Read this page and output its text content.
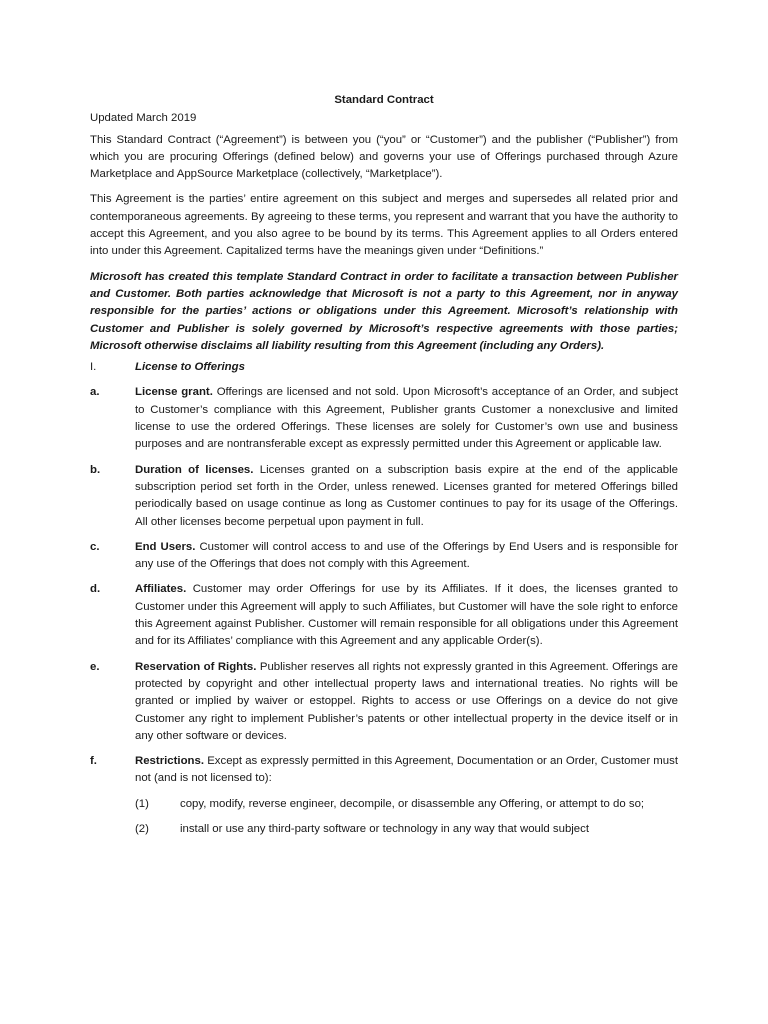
Standard Contract
Updated March 2019

This Standard Contract (“Agreement”) is between you (“you” or “Customer”) and the publisher (“Publisher”) from which you are procuring Offerings (defined below) and governs your use of Offerings purchased through Azure Marketplace and AppSource Marketplace (collectively, “Marketplace”).

This Agreement is the parties’ entire agreement on this subject and merges and supersedes all related prior and contemporaneous agreements. By agreeing to these terms, you represent and warrant that you have the authority to accept this Agreement, and you also agree to be bound by its terms. This Agreement applies to all Orders entered into under this Agreement. Capitalized terms have the meanings given under “Definitions.”

Microsoft has created this template Standard Contract in order to facilitate a transaction between Publisher and Customer. Both parties acknowledge that Microsoft is not a party to this Agreement, nor in anyway responsible for the parties’ actions or obligations under this Agreement. Microsoft’s relationship with Customer and Publisher is solely governed by Microsoft’s respective agreements with those parties; Microsoft otherwise disclaims all liability resulting from this Agreement (including any Orders).

I.	License to Offerings
a.	License grant. Offerings are licensed and not sold. Upon Microsoft’s acceptance of an Order, and subject to Customer’s compliance with this Agreement, Publisher grants Customer a nonexclusive and limited license to use the ordered Offerings. These licenses are solely for Customer’s own use and business purposes and are nontransferable except as expressly permitted under this Agreement or applicable law.
b.	Duration of licenses. Licenses granted on a subscription basis expire at the end of the applicable subscription period set forth in the Order, unless renewed. Licenses granted for metered Offerings billed periodically based on usage continue as long as Customer continues to pay for its usage of the Offerings. All other licenses become perpetual upon payment in full.
c.	End Users. Customer will control access to and use of the Offerings by End Users and is responsible for any use of the Offerings that does not comply with this Agreement.
d.	Affiliates. Customer may order Offerings for use by its Affiliates. If it does, the licenses granted to Customer under this Agreement will apply to such Affiliates, but Customer will have the sole right to enforce this Agreement against Publisher. Customer will remain responsible for all obligations under this Agreement and for its Affiliates’ compliance with this Agreement and any applicable Order(s).
e.	Reservation of Rights. Publisher reserves all rights not expressly granted in this Agreement. Offerings are protected by copyright and other intellectual property laws and international treaties. No rights will be granted or implied by waiver or estoppel. Rights to access or use Offerings on a device do not give Customer any right to implement Publisher’s patents or other intellectual property in the device itself or in any other software or devices.
f.	Restrictions. Except as expressly permitted in this Agreement, Documentation or an Order, Customer must not (and is not licensed to):
(1)	copy, modify, reverse engineer, decompile, or disassemble any Offering, or attempt to do so;
(2)	install or use any third-party software or technology in any way that would subject
